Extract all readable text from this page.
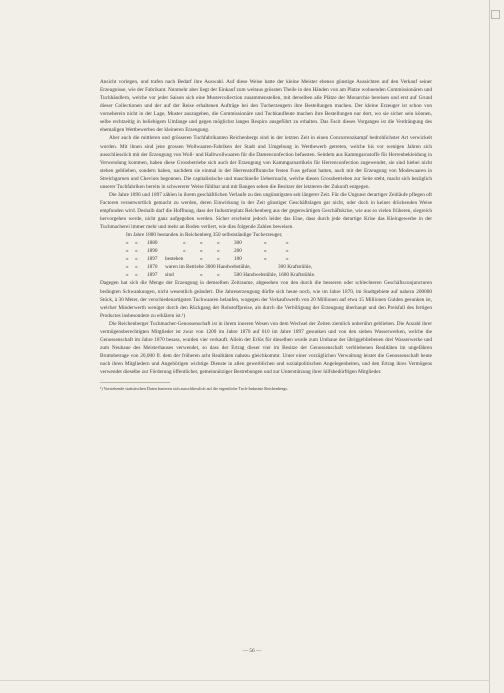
Ansicht vorlegen, und trafen nach Bedarf ihre Auswahl. Auf diese Weise hatte der kleine Meister ebenso günstige Aussichten auf den Verkauf seiner Erzeugnisse, wie der Fabrikant. Nunmehr aber liegt der Einkauf zum weitaus grössten Theile in den Händen von am Platze wohnenden Commissionären und Tuchhändlern, welche vor jeder Saison sich eine Mustercollection zusammenstellen, mit derselben alle Plätze der Monarchie bereisen und erst auf Grund dieser Collectionen und der auf der Reise erhaltenen Aufträge bei den Tucherzeugern ihre Bestellungen machen. Der kleine Erzeuger ist schon von vorneherein nicht in der Lage, Muster auszugeben, die Commissionäre und Tuchkaufleute machen ihre Bestellungen nur dort, wo sie sicher sein können, selbe rechtzeitig in beliebigem Umfange und gegen möglichst langes Respiro ausgeführt zu erhalten. Das Facit dieses Vorganges ist die Verdrängung des ehemaligen Wettbewerbes der kleineren Erzeugung.

Aber auch die mittleren und grösseren Tuchfabrikanten Reichenbergs sind in der letzten Zeit in einen Concurrenzkampf bedrohlichster Art verwickelt worden. Mit ihnen sind jene grossen Wollwaaren-Fabriken der Stadt und Umgebung in Wettbewerb getreten, welche bis vor wenigen Jahren sich ausschliesslich mit der Erzeugung von Woll- und Halbwollwaaren für die Damenconfection befassten. Seitdem aus Kammgarnstoffe für Herrenbekleidung in Verwendung kommen, haben diese Grossbetriebe sich auch der Erzeugung von Kammgarnartikeln für Herrenconfection zugewendet, sie sind hiebei nicht stehen geblieben, sondern haben, nachdem sie einmal in der Herrenstoffbranche festen Fuss gefasst hatten, auch mit der Erzeugung von Modewaaren in Streichgarnen und Cheviots begonnen. Die capitalistische und maschinelle Ueberrnacht, welche diesen Grossbetrieben zur Seite steht, macht sich bezüglich unserer Tuchfabriken bereits in schwererer Weise fühlbar und mit Bangen sehen die Besitzer der letzteren der Zukunft entgegen.

Die Jahre 1896 und 1897 zählen in ihrem geschäftlichen Verlaufe zu den ungünstigsten seit längerer Zeit. Für die Ungunst derartiger Zeitläufe pflegen oft Factoren verantwortlich gemacht zu werden, deren Einwirkung in der Zeit günstiger Geschäftslagen gar nicht, oder doch in keiner drückenden Weise empfunden wird. Deshalb darf die Hoffnung, dass der Industrieplatz Reichenberg aus der gegenwärtigen Geschäftskrise, wie aus so vielen früheren, siegreich hervorgehen werde, nicht ganz aufgegeben werden. Sicher erscheint jedoch leider das Eine, dass durch jede derartige Krise das Kleingewerbe in der Tuchmacherei immer mehr und mehr an Boden verliert, wie dies folgende Zahlen beweisen.

Im Jahre 1880 bestanden in Reichenberg 350 selbstständige Tucherzeuger,
»	»	1880	»	»	»	300	»	»
»	»	1890	»	»	»	200	»	»
»	»	1897	bestehen	»	»	100	»	»
»	»	1870	waren im Betriebe 3000 Handwebstühle,	300 Kraftstühle,
»	»	1897	sind	»	»	500 Handwebstühle, 1600 Kraftstühle.

Dagegen hat sich die Menge der Erzeugung in demselben Zeitraume, abgesehen von den durch die besseren oder schlechteren Geschäftsconjuncturen bedingten Schwankungen, nicht wesentlich geändert. Die Jahreserzeugung dürfte sich heute noch, wie im Jahre 1870, im Stadtgebiete auf nahezu 200000 Stück, à 30 Meter, der verschiedenartigsten Tuchwaaren belaufen, wogegen der Verkaufswerth von 20 Millionen auf etwa 15 Millionen Gulden gesunken ist, welcher Minderwerth weniger durch den Rückgang der Rohstoffpreise, als durch die Verbilligung der Erzeugung überhaupt und den Preisfall des fertigen Productes insbesondere zu erklären ist.¹)

Die Reichenberger Tuchmacher-Genossenschaft ist in ihrem inneren Wesen von dem Wechsel der Zeiten ziemlich unberührt geblieben. Die Anzahl ihrer vermögensberechtigten Mitglieder ist zwar von 1200 im Jahre 1870 auf 610 im Jahre 1897 gesunken und von den sieben Wasserwerken, welche die Genossenschaft im Jahre 1870 besass, wurden vier verkauft. Allein der Erlös für dieselben wurde zum Umbaue der übriggebliebenen drei Wasserwerke und zum Neubaue des Meisterhauses verwendet, so dass der Ertrag dieser vier im Besitze der Genossenschaft verbliebenen Realitäten im ungefähren Bruttobetrage von 20,000 fl. dem der früheren acht Realitäten nahezu gleichkommt. Unter einer vorzüglichen Verwaltung leistet die Genossenschaft heute noch ihren Mitgliedern und Angehörigen wichtige Dienste in allen gewerblichen und sozialpolitischen Angelegenheiten, und den Ertrag ihres Vermögens verwendet dieselbe zur Förderung öffentlicher, gemeinnütziger Bestrebungen und zur Unterstützung ihrer hilfsbedürftigen Mitglieder.

¹) Vorstehende statistischen Daten basieren sich ausschliesslich auf die eigentliche Tuch-Industrie Reichenbergs.

— 56 —
